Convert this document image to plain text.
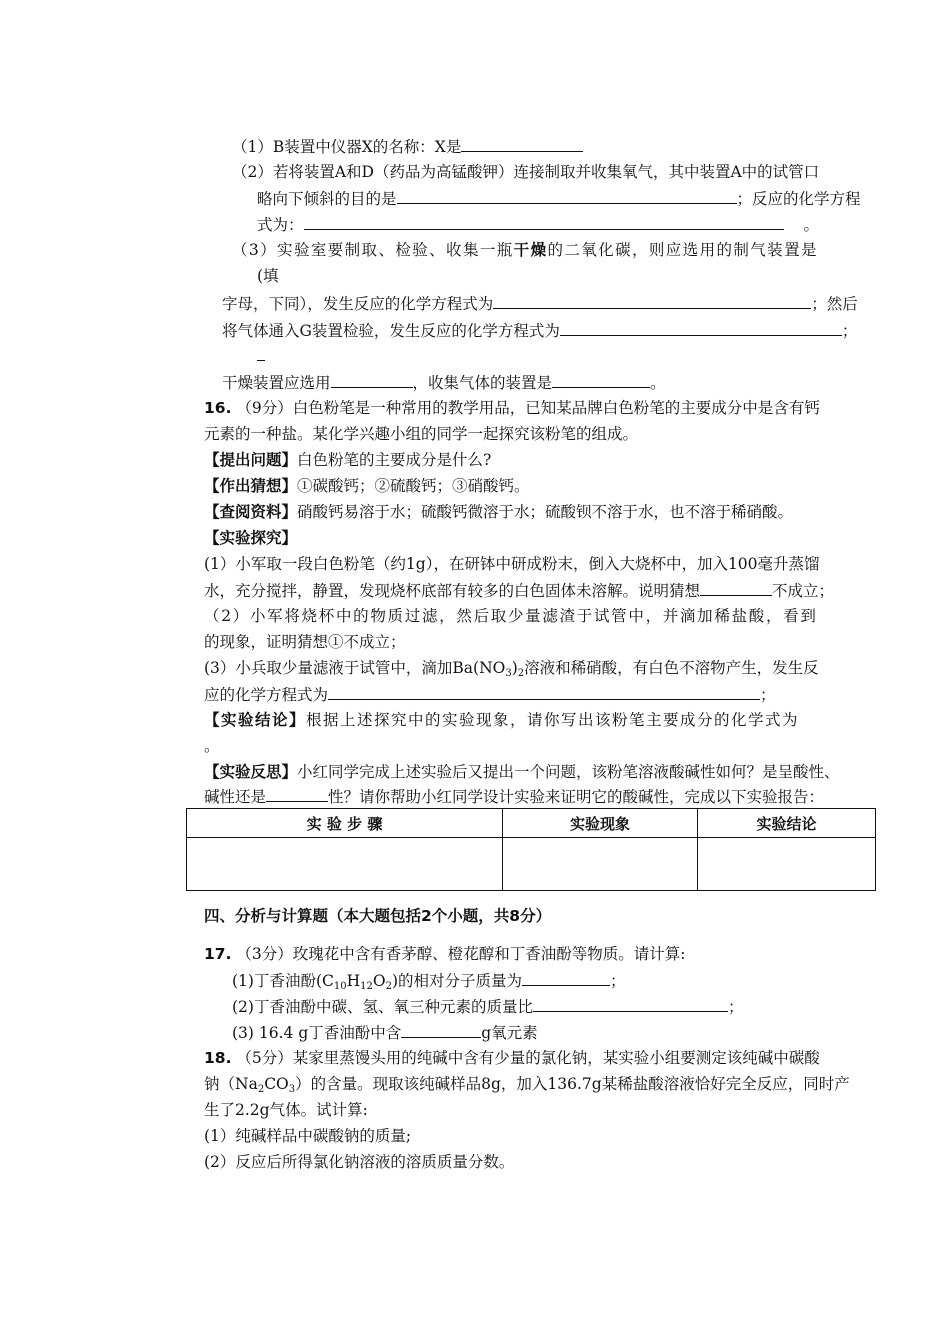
（1）B装置中仪器X的名称：X是
（2）若将装置A和D（药品为高锰酸钾）连接制取并收集氧气，其中装置A中的试管口
略向下倾斜的目的是	；反应的化学方程
式为：	。
（3）实验室要制取、检验、收集一瓶干燥的二氧化碳，则应选用的制气装置是
(填
字母，下同），发生反应的化学方程式为	；然后
将气体通入G装置检验，发生反应的化学方程式为	；
干燥装置应选用	，收集气体的装置是	。
16. （9分）白色粉笔是一种常用的教学用品，已知某品牌白色粉笔的主要成分中是含有钙
元素的一种盐。某化学兴趣小组的同学一起探究该粉笔的组成。
【提出问题】白色粉笔的主要成分是什么?
【作出猜想】①碳酸钙；②硫酸钙；③硝酸钙。
【查阅资料】硝酸钙易溶于水；硫酸钙微溶于水；硫酸钡不溶于水，也不溶于稀硝酸。
【实验探究】
(1）小军取一段白色粉笔（约1g），在研钵中研成粉末，倒入大烧杯中，加入100毫升蒸馏
水，充分搅拌，静置，发现烧杯底部有较多的白色固体未溶解。说明猜想	不成立；
（2）小军将烧杯中的物质过滤，然后取少量滤渣于试管中，并滴加稀盐酸，看到
的现象，证明猜想①不成立；
(3）小兵取少量滤液于试管中，滴加$Ba(NO_3)_2$溶液和稀硝酸，有白色不溶物产生，发生反
应的化学方程式为	；
【实验结论】根据上述探究中的实验现象，请你写出该粉笔主要成分的化学式为
。
【实验反思】小红同学完成上述实验后又提出一个问题，该粉笔溶液酸碱性如何？是呈酸性、
碱性还是	性？请你帮助小红同学设计实验来证明它的酸碱性，完成以下实验报告：
实 验 步 骤	实验现象	实验结论

四、分析与计算题（本大题包括2个小题，共8分）
17. （3分）玫瑰花中含有香茅醇、橙花醇和丁香油酚等物质。请计算:
(1)丁香油酚$(C_{10}H_{12}O_2)$的相对分子质量为	；
(2)丁香油酚中碳、氢、氧三种元素的质量比	；
(3) 16.4 g丁香油酚中含	g氧元素
18. （5分）某家里蒸馒头用的纯碱中含有少量的氯化钠，某实验小组要测定该纯碱中碳酸
钠$(Na_2CO_3)$的含量。现取该纯碱样品8g，加入136.7g某稀盐酸溶液恰好完全反应，同时产
生了2.2g气体。试计算:
(1）纯碱样品中碳酸钠的质量;
(2）反应后所得氯化钠溶液的溶质质量分数。
